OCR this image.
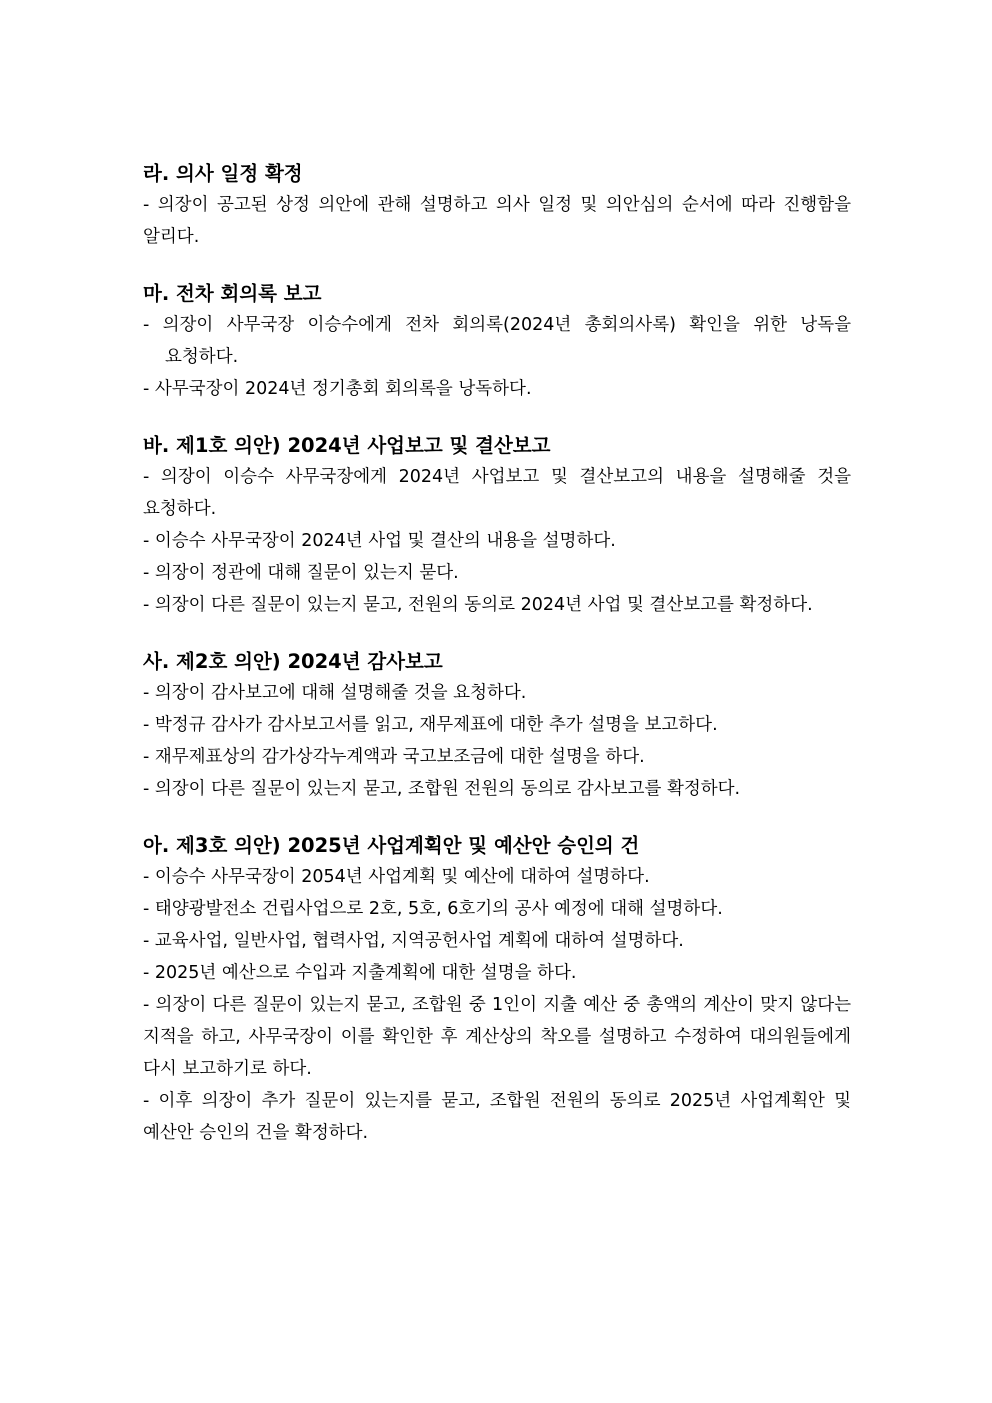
라. 의사 일정 확정

- 의장이 공고된 상정 의안에 관해 설명하고 의사 일정 및 의안심의 순서에 따라 진행함을 알리다.

마. 전차 회의록 보고

- 의장이 사무국장 이승수에게 전차 회의록(2024년 총회의사록) 확인을 위한 낭독을 요청하다.

- 사무국장이 2024년 정기총회 회의록을 낭독하다.

바. 제1호 의안) 2024년 사업보고 및 결산보고

- 의장이 이승수 사무국장에게 2024년 사업보고 및 결산보고의 내용을 설명해줄 것을 요청하다.

- 이승수 사무국장이 2024년 사업 및 결산의 내용을 설명하다.

- 의장이 정관에 대해 질문이 있는지 묻다.

- 의장이 다른 질문이 있는지 묻고, 전원의 동의로 2024년 사업 및 결산보고를 확정하다.

사. 제2호 의안) 2024년 감사보고

- 의장이 감사보고에 대해 설명해줄 것을 요청하다.

- 박정규 감사가 감사보고서를 읽고, 재무제표에 대한 추가 설명을 보고하다.

- 재무제표상의 감가상각누계액과 국고보조금에 대한 설명을 하다.

- 의장이 다른 질문이 있는지 묻고, 조합원 전원의 동의로 감사보고를 확정하다.

아. 제3호 의안) 2025년 사업계획안 및 예산안 승인의 건

- 이승수 사무국장이 2054년 사업계획 및 예산에 대하여 설명하다.

- 태양광발전소 건립사업으로 2호, 5호, 6호기의 공사 예정에 대해 설명하다.

- 교육사업, 일반사업, 협력사업, 지역공헌사업 계획에 대하여 설명하다.

- 2025년 예산으로 수입과 지출계획에 대한 설명을 하다.

- 의장이 다른 질문이 있는지 묻고, 조합원 중 1인이 지출 예산 중 총액의 계산이 맞지 않다는 지적을 하고, 사무국장이 이를 확인한 후 계산상의 착오를 설명하고 수정하여 대의원들에게 다시 보고하기로 하다.

- 이후 의장이 추가 질문이 있는지를 묻고, 조합원 전원의 동의로 2025년 사업계획안 및 예산안 승인의 건을 확정하다.
